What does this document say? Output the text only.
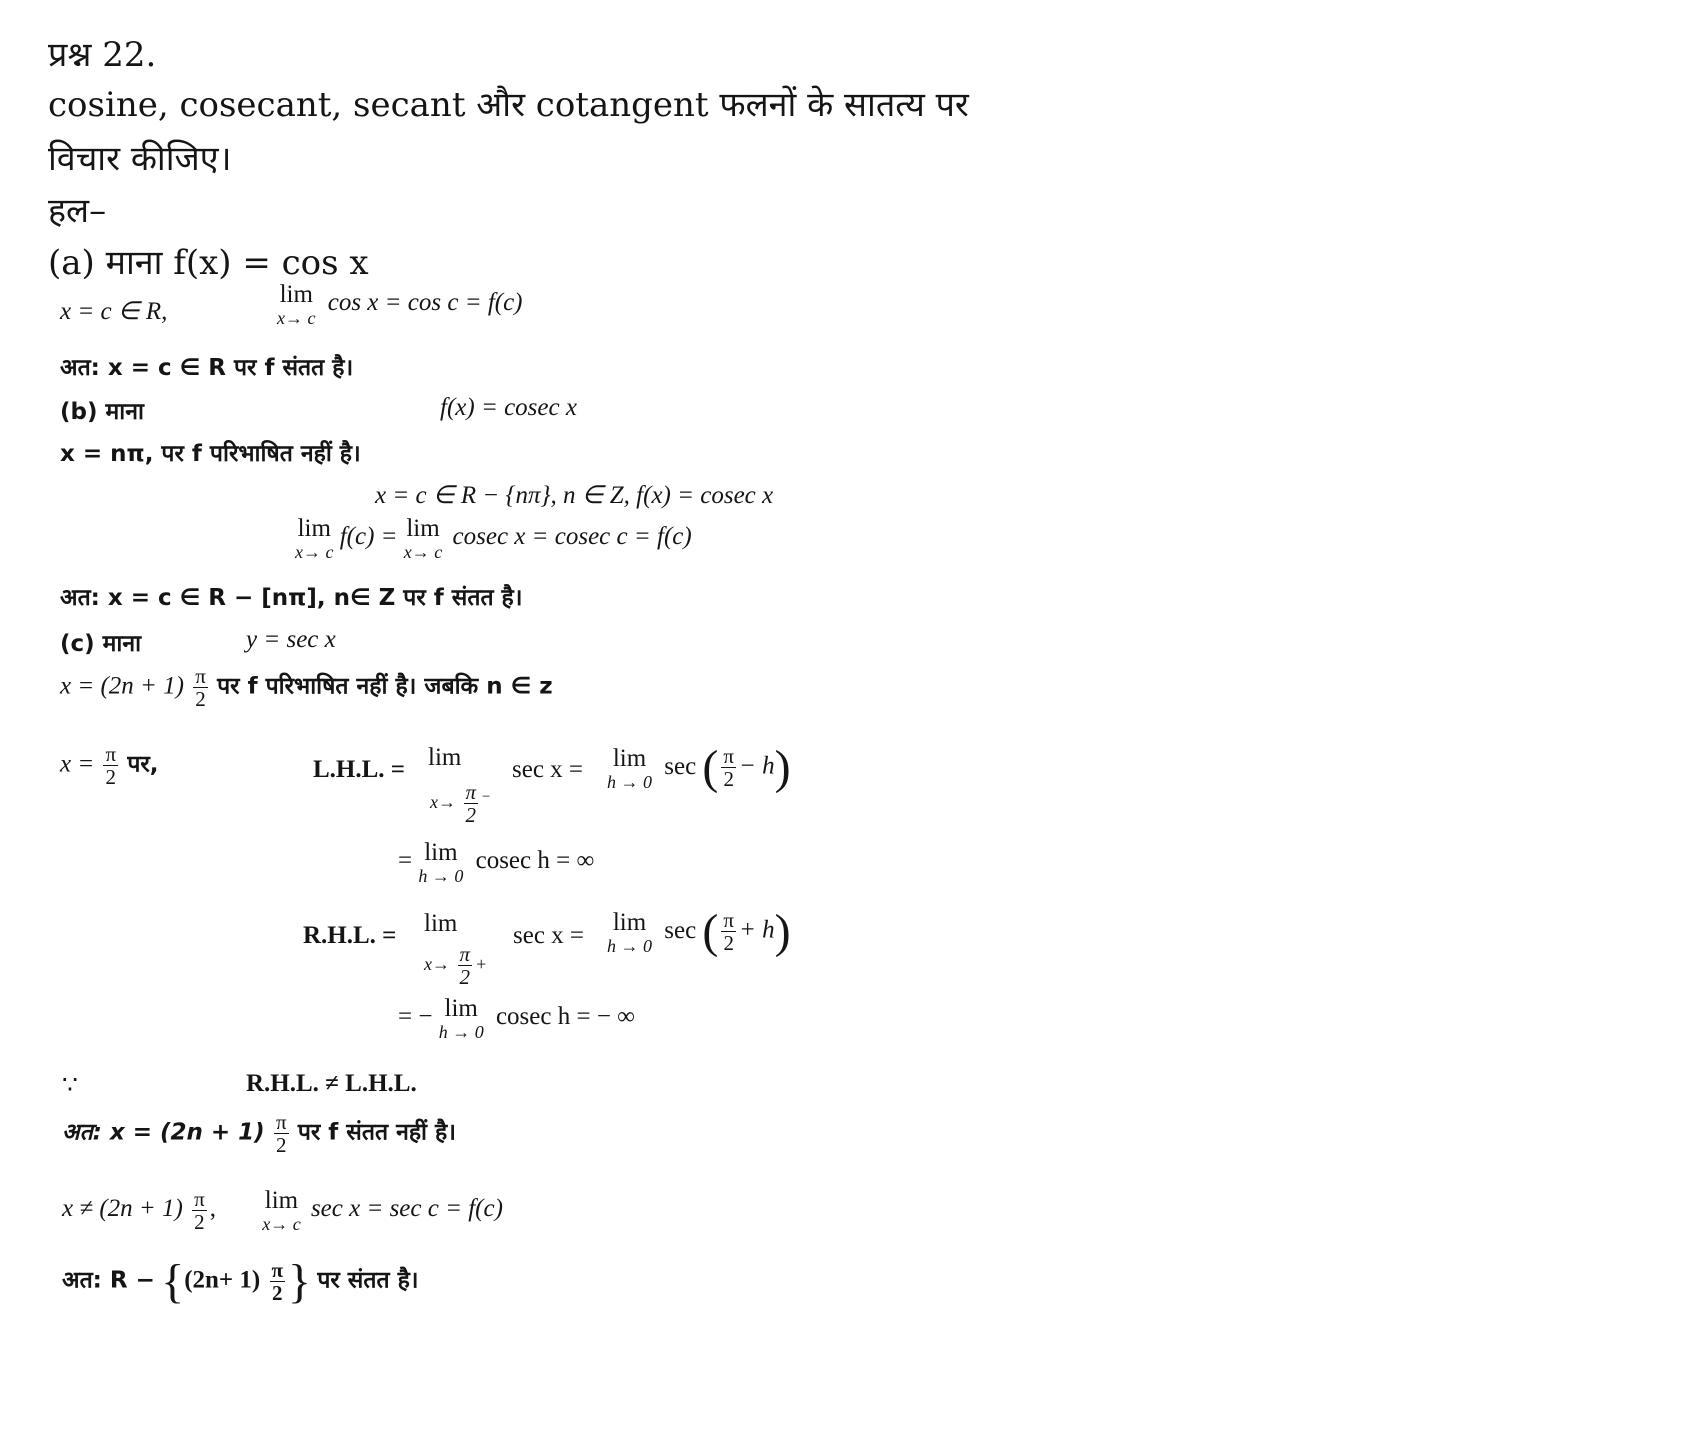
प्रश्न 22.
cosine, cosecant, secant और cotangent फलनों के सातत्य पर
विचार कीजिए।
हल–
(a) माना f(x) = cos x
x = c ∈ R,
lim
x→ c
cos x = cos c = f(c)
अत: x = c ∈ R पर f संतत है।
(b) माना	f(x) = cosec x
x = nπ, पर f परिभाषित नहीं है।
x = c ∈ R − {nπ}, n ∈ Z, f(x) = cosec x
lim
x→ c
f(c) = lim
x→ c
cosec x = cosec c = f(c)
अत: x = c ∈ R − [nπ], n∈ Z पर f संतत है।
(c) माना	y = sec x
$x = (2n + 1) \frac{\pi}{2}$ पर f परिभाषित नहीं है। जबकि n ∈ z
$x = \frac{\pi}{2}$ पर,	L.H.L. = lim
$x\to \frac{\pi}{2} ^-$
sec x = lim
h → 0
sec ( $\frac{\pi}{2} - h$)
= lim
h → 0
cosec h = ∞
R.H.L. = lim
$x\to \frac{\pi}{2}$ +
sec x = lim
h → 0
sec ( $\frac{\pi}{2} + h$)
= − lim
h → 0
cosec h = − ∞
∵	R.H.L. ≠ L.H.L.
अत: $x = (2n + 1) \frac{\pi}{2}$ पर f संतत नहीं है।
$x \ne (2n + 1) \frac{\pi}{2}$ , lim
x→ c
sec x = sec c = f(c)
अत: $R - \{(2n+ 1) \frac{\pi}{2}$ } पर संतत है।
